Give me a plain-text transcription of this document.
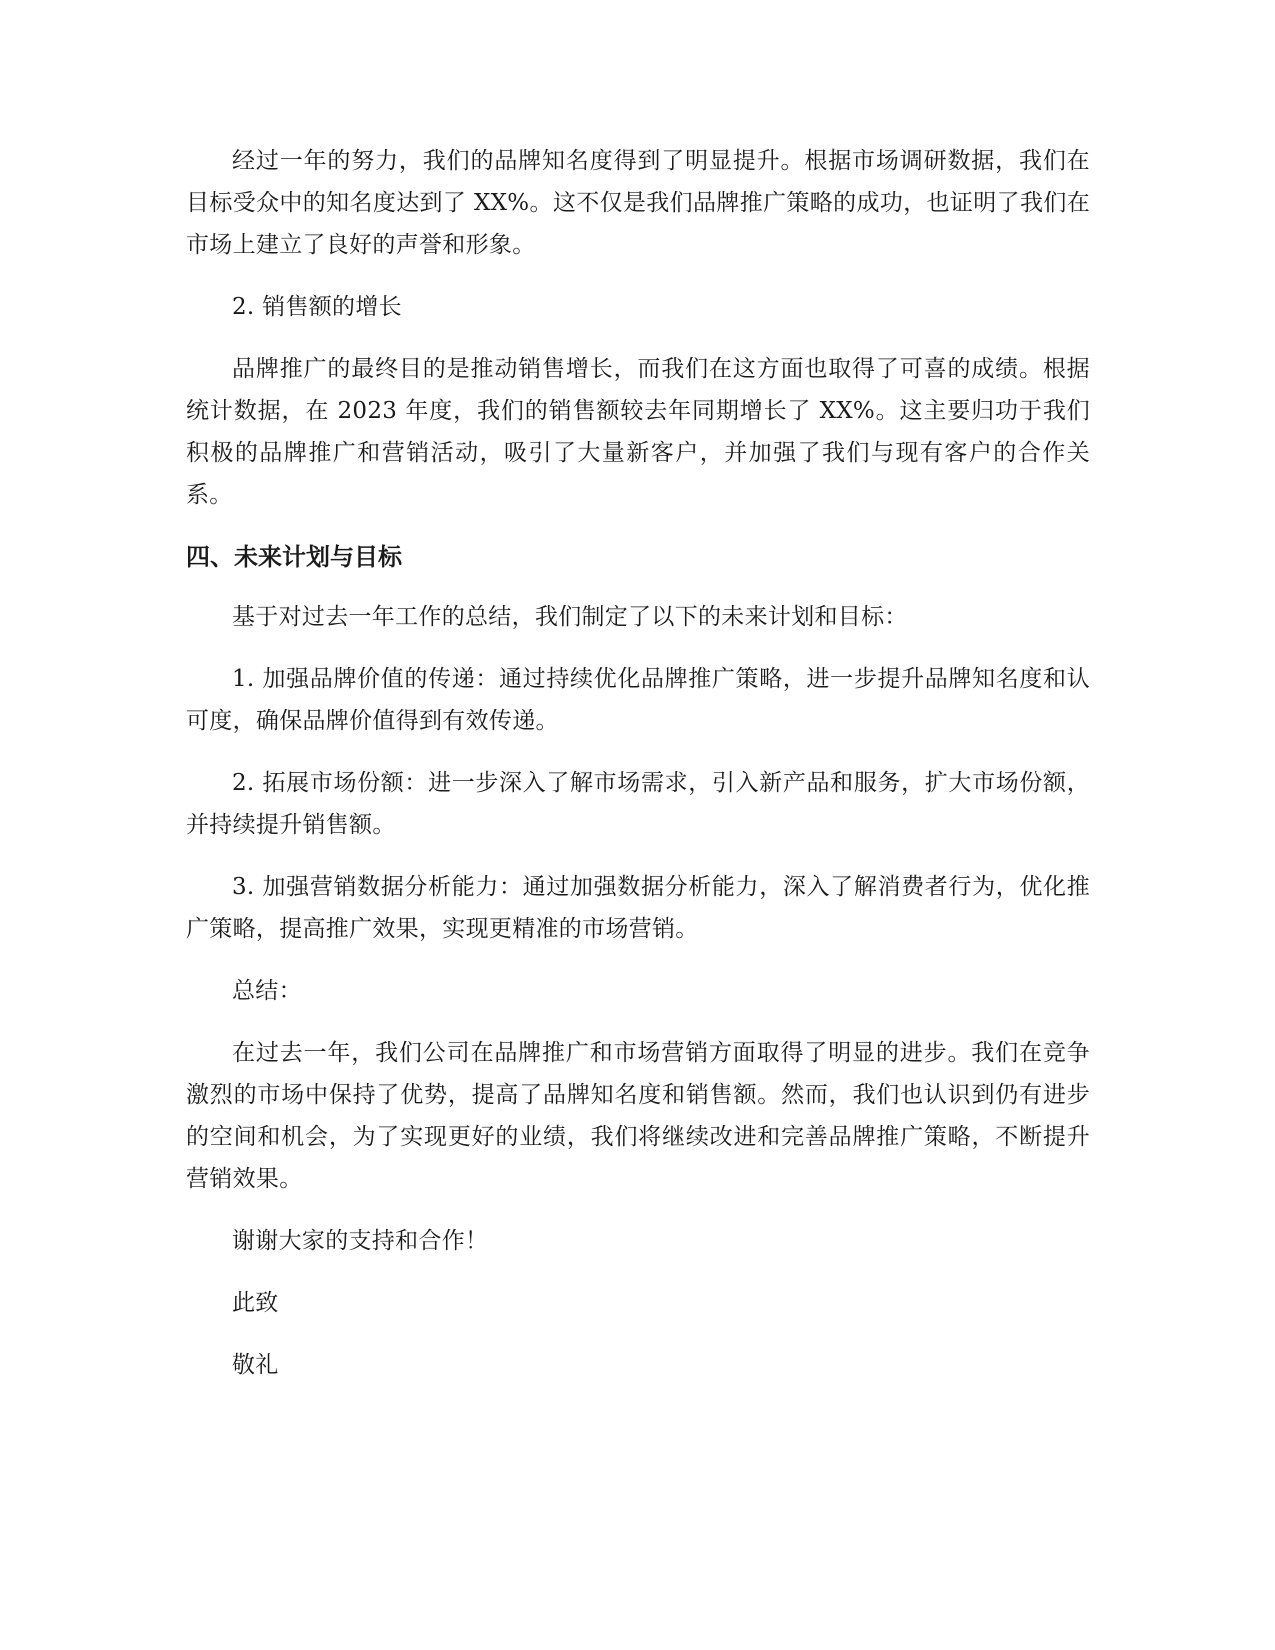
经过一年的努力，我们的品牌知名度得到了明显提升。根据市场调研数据，我们在目标受众中的知名度达到了 XX%。这不仅是我们品牌推广策略的成功，也证明了我们在市场上建立了良好的声誉和形象。

2. 销售额的增长

品牌推广的最终目的是推动销售增长，而我们在这方面也取得了可喜的成绩。根据统计数据，在 2023 年度，我们的销售额较去年同期增长了 XX%。这主要归功于我们积极的品牌推广和营销活动，吸引了大量新客户，并加强了我们与现有客户的合作关系。

四、未来计划与目标

基于对过去一年工作的总结，我们制定了以下的未来计划和目标：

1. 加强品牌价值的传递：通过持续优化品牌推广策略，进一步提升品牌知名度和认可度，确保品牌价值得到有效传递。

2. 拓展市场份额：进一步深入了解市场需求，引入新产品和服务，扩大市场份额，并持续提升销售额。

3. 加强营销数据分析能力：通过加强数据分析能力，深入了解消费者行为，优化推广策略，提高推广效果，实现更精准的市场营销。

总结：

在过去一年，我们公司在品牌推广和市场营销方面取得了明显的进步。我们在竞争激烈的市场中保持了优势，提高了品牌知名度和销售额。然而，我们也认识到仍有进步的空间和机会，为了实现更好的业绩，我们将继续改进和完善品牌推广策略，不断提升营销效果。

谢谢大家的支持和合作！

此致

敬礼
